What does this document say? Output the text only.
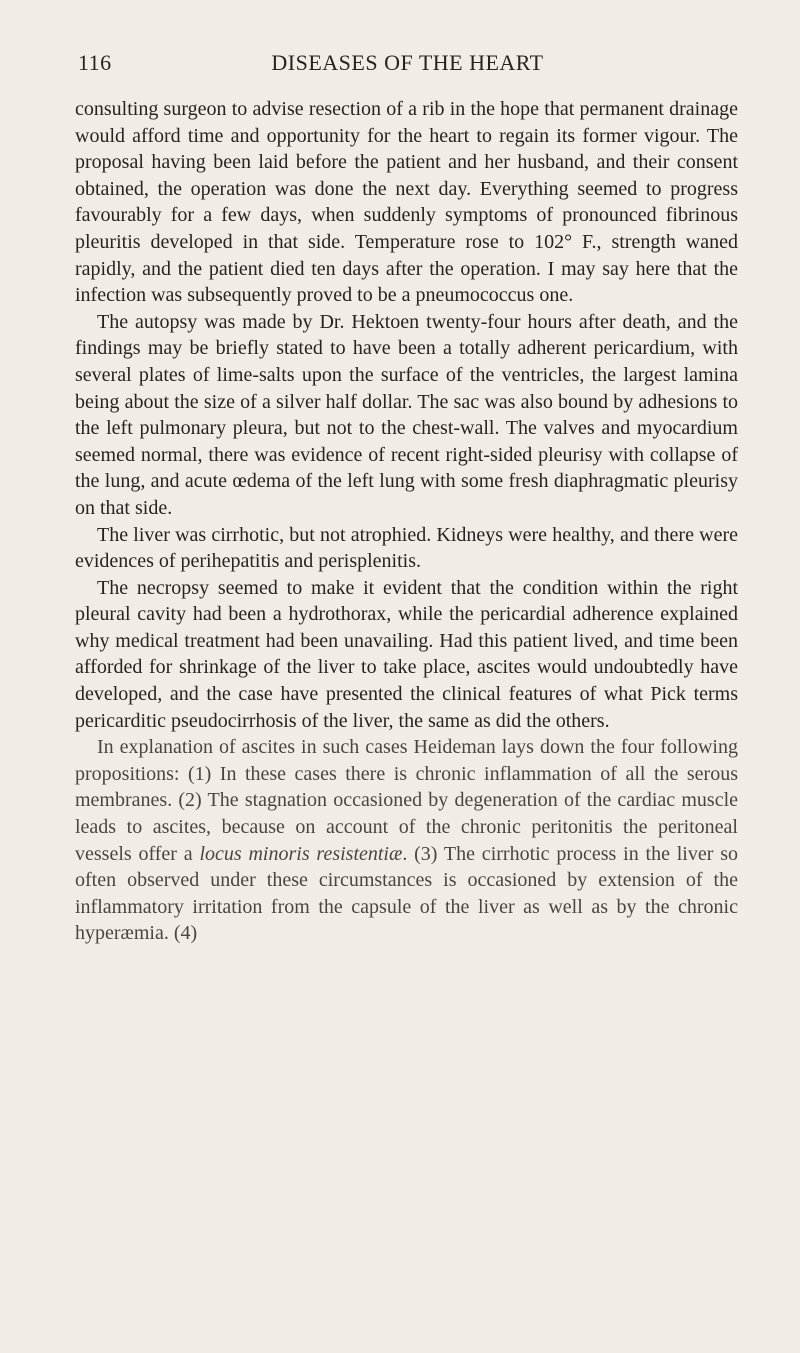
116	DISEASES OF THE HEART

consulting surgeon to advise resection of a rib in the hope that permanent drainage would afford time and opportunity for the heart to regain its former vigour. The proposal having been laid before the patient and her husband, and their consent obtained, the operation was done the next day. Everything seemed to progress favourably for a few days, when suddenly symptoms of pronounced fibrinous pleuritis developed in that side. Temperature rose to 102° F., strength waned rapidly, and the patient died ten days after the operation. I may say here that the infection was subsequently proved to be a pneumococcus one.

The autopsy was made by Dr. Hektoen twenty-four hours after death, and the findings may be briefly stated to have been a totally adherent pericardium, with several plates of lime-salts upon the surface of the ventricles, the largest lamina being about the size of a silver half dollar. The sac was also bound by adhesions to the left pulmonary pleura, but not to the chest-wall. The valves and myocardium seemed normal, there was evidence of recent right-sided pleurisy with collapse of the lung, and acute œdema of the left lung with some fresh diaphragmatic pleurisy on that side.

The liver was cirrhotic, but not atrophied. Kidneys were healthy, and there were evidences of perihepatitis and perisplenitis.

The necropsy seemed to make it evident that the condition within the right pleural cavity had been a hydrothorax, while the pericardial adherence explained why medical treatment had been unavailing. Had this patient lived, and time been afforded for shrinkage of the liver to take place, ascites would undoubtedly have developed, and the case have presented the clinical features of what Pick terms pericarditic pseudocirrhosis of the liver, the same as did the others.

In explanation of ascites in such cases Heideman lays down the four following propositions: (1) In these cases there is chronic inflammation of all the serous membranes. (2) The stagnation occasioned by degeneration of the cardiac muscle leads to ascites, because on account of the chronic peritonitis the peritoneal vessels offer a locus minoris resistentiæ. (3) The cirrhotic process in the liver so often observed under these circumstances is occasioned by extension of the inflammatory irritation from the capsule of the liver as well as by the chronic hyperæmia. (4)
